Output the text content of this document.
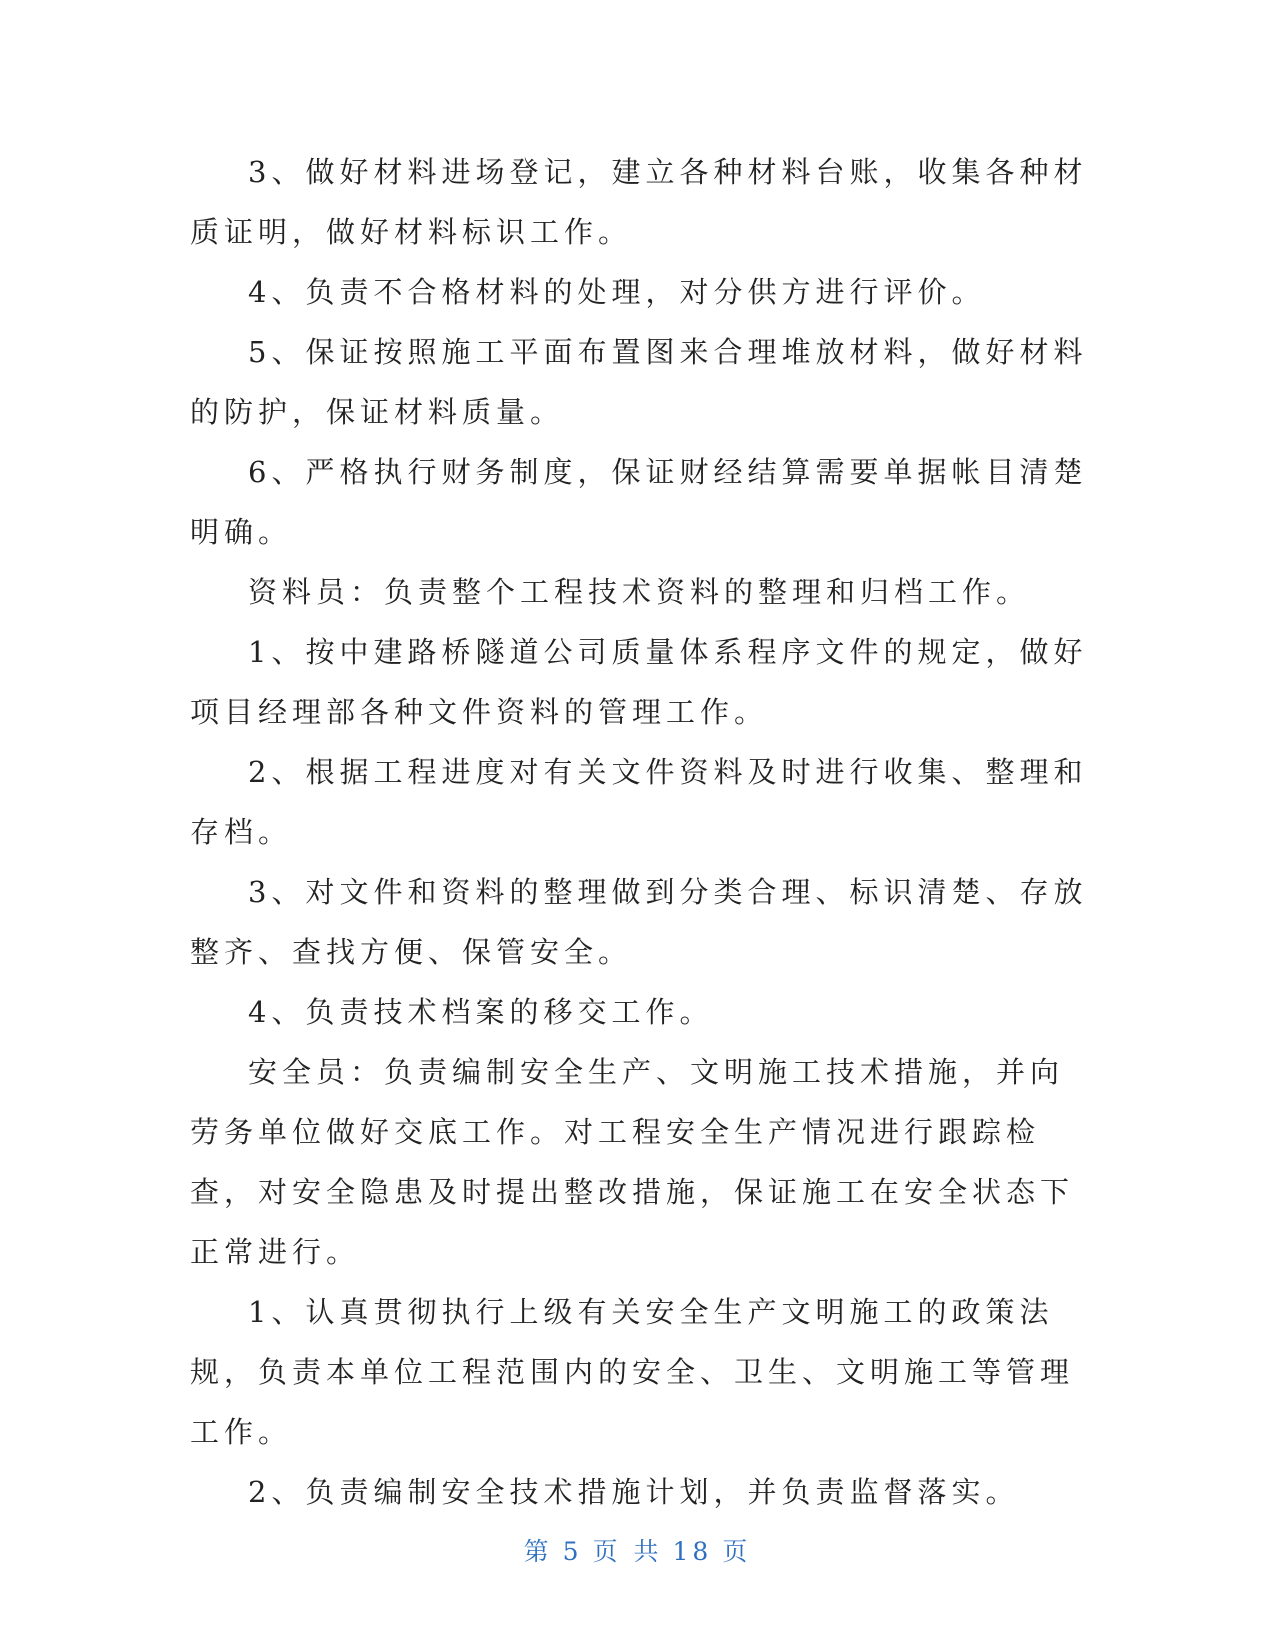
3、做好材料进场登记，建立各种材料台账，收集各种材质证明，做好材料标识工作。

4、负责不合格材料的处理，对分供方进行评价。

5、保证按照施工平面布置图来合理堆放材料，做好材料的防护，保证材料质量。

6、严格执行财务制度，保证财经结算需要单据帐目清楚明确。

资料员：负责整个工程技术资料的整理和归档工作。

1、按中建路桥隧道公司质量体系程序文件的规定，做好项目经理部各种文件资料的管理工作。

2、根据工程进度对有关文件资料及时进行收集、整理和存档。

3、对文件和资料的整理做到分类合理、标识清楚、存放整齐、查找方便、保管安全。

4、负责技术档案的移交工作。

安全员：负责编制安全生产、文明施工技术措施，并向劳务单位做好交底工作。对工程安全生产情况进行跟踪检查，对安全隐患及时提出整改措施，保证施工在安全状态下正常进行。

1、认真贯彻执行上级有关安全生产文明施工的政策法规，负责本单位工程范围内的安全、卫生、文明施工等管理工作。

2、负责编制安全技术措施计划，并负责监督落实。

第 5 页 共 18 页
